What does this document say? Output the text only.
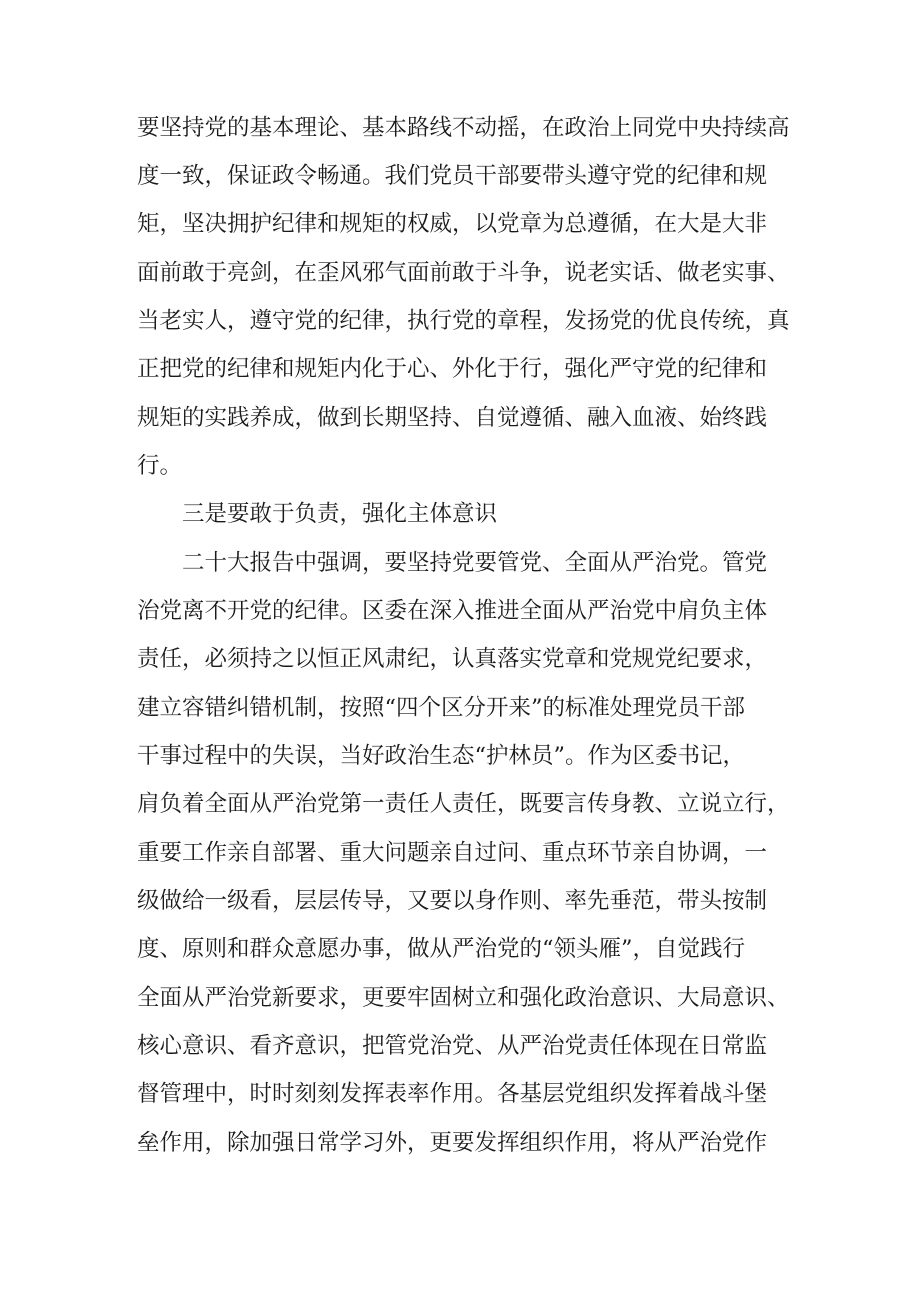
要坚持党的基本理论、基本路线不动摇，在政治上同党中央持续高
度一致，保证政令畅通。我们党员干部要带头遵守党的纪律和规
矩，坚决拥护纪律和规矩的权威，以党章为总遵循，在大是大非
面前敢于亮剑，在歪风邪气面前敢于斗争，说老实话、做老实事、
当老实人，遵守党的纪律，执行党的章程，发扬党的优良传统，真
正把党的纪律和规矩内化于心、外化于行，强化严守党的纪律和
规矩的实践养成，做到长期坚持、自觉遵循、融入血液、始终践
行。
三是要敢于负责，强化主体意识
二十大报告中强调，要坚持党要管党、全面从严治党。管党
治党离不开党的纪律。区委在深入推进全面从严治党中肩负主体
责任，必须持之以恒正风肃纪，认真落实党章和党规党纪要求，
建立容错纠错机制，按照“四个区分开来”的标准处理党员干部
干事过程中的失误，当好政治生态“护林员”。作为区委书记，
肩负着全面从严治党第一责任人责任，既要言传身教、立说立行，
重要工作亲自部署、重大问题亲自过问、重点环节亲自协调，一
级做给一级看，层层传导，又要以身作则、率先垂范，带头按制
度、原则和群众意愿办事，做从严治党的“领头雁”，自觉践行
全面从严治党新要求，更要牢固树立和强化政治意识、大局意识、
核心意识、看齐意识，把管党治党、从严治党责任体现在日常监
督管理中，时时刻刻发挥表率作用。各基层党组织发挥着战斗堡
垒作用，除加强日常学习外，更要发挥组织作用，将从严治党作
